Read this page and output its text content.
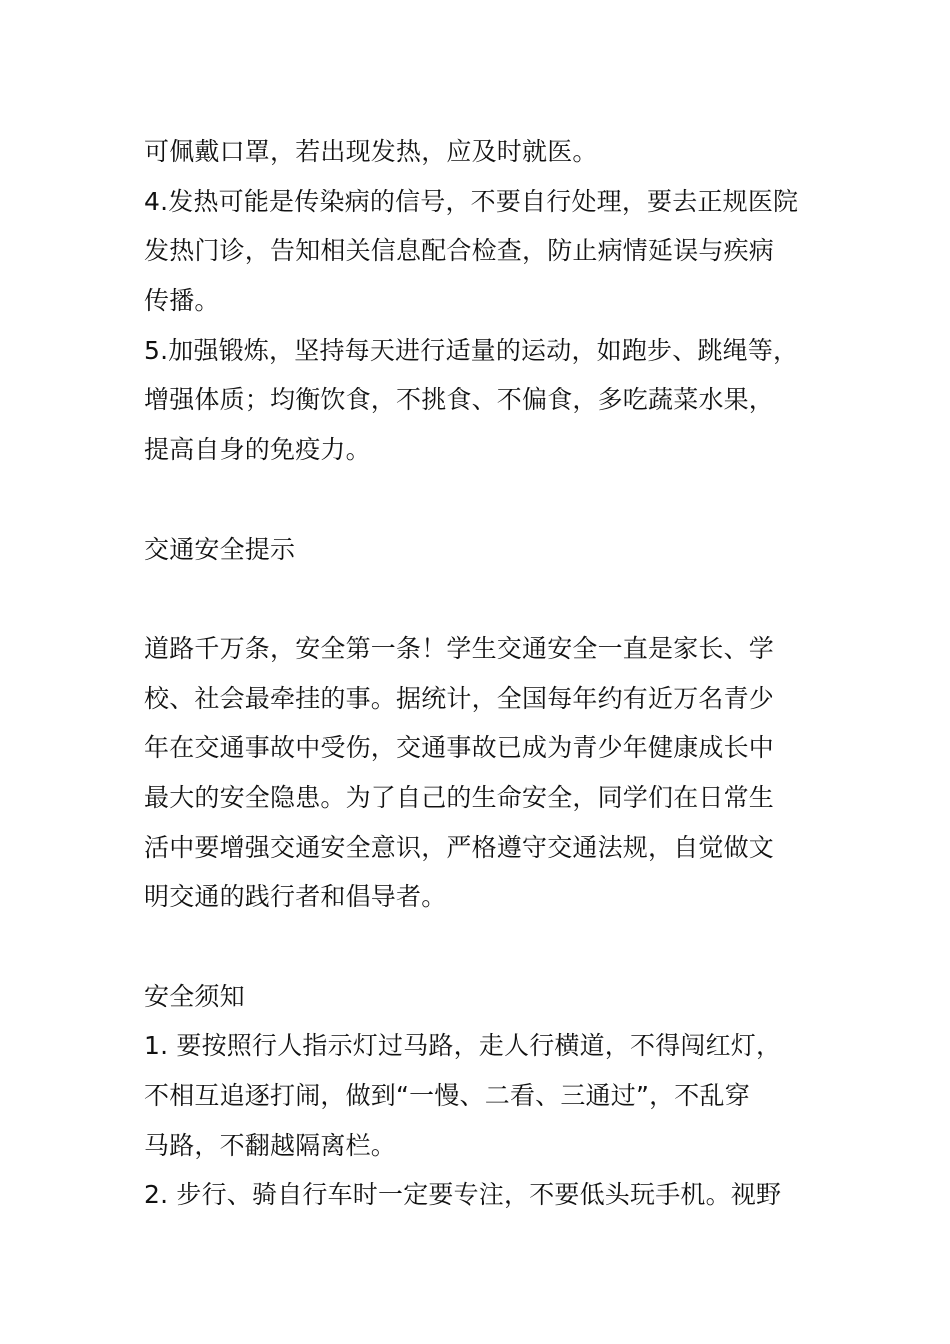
可佩戴口罩，若出现发热，应及时就医。
4.发热可能是传染病的信号，不要自行处理，要去正规医院
发热门诊，告知相关信息配合检查，防止病情延误与疾病
传播。
5.加强锻炼，坚持每天进行适量的运动，如跑步、跳绳等，
增强体质；均衡饮食，不挑食、不偏食，多吃蔬菜水果，
提高自身的免疫力。
交通安全提示
道路千万条，安全第一条！学生交通安全一直是家长、学
校、社会最牵挂的事。据统计，全国每年约有近万名青少
年在交通事故中受伤，交通事故已成为青少年健康成长中
最大的安全隐患。为了自己的生命安全，同学们在日常生
活中要增强交通安全意识，严格遵守交通法规，自觉做文
明交通的践行者和倡导者。
安全须知
1. 要按照行人指示灯过马路，走人行横道，不得闯红灯，
不相互追逐打闹，做到“一慢、二看、三通过”，不乱穿
马路，不翻越隔离栏。
2. 步行、骑自行车时一定要专注，不要低头玩手机。视野
